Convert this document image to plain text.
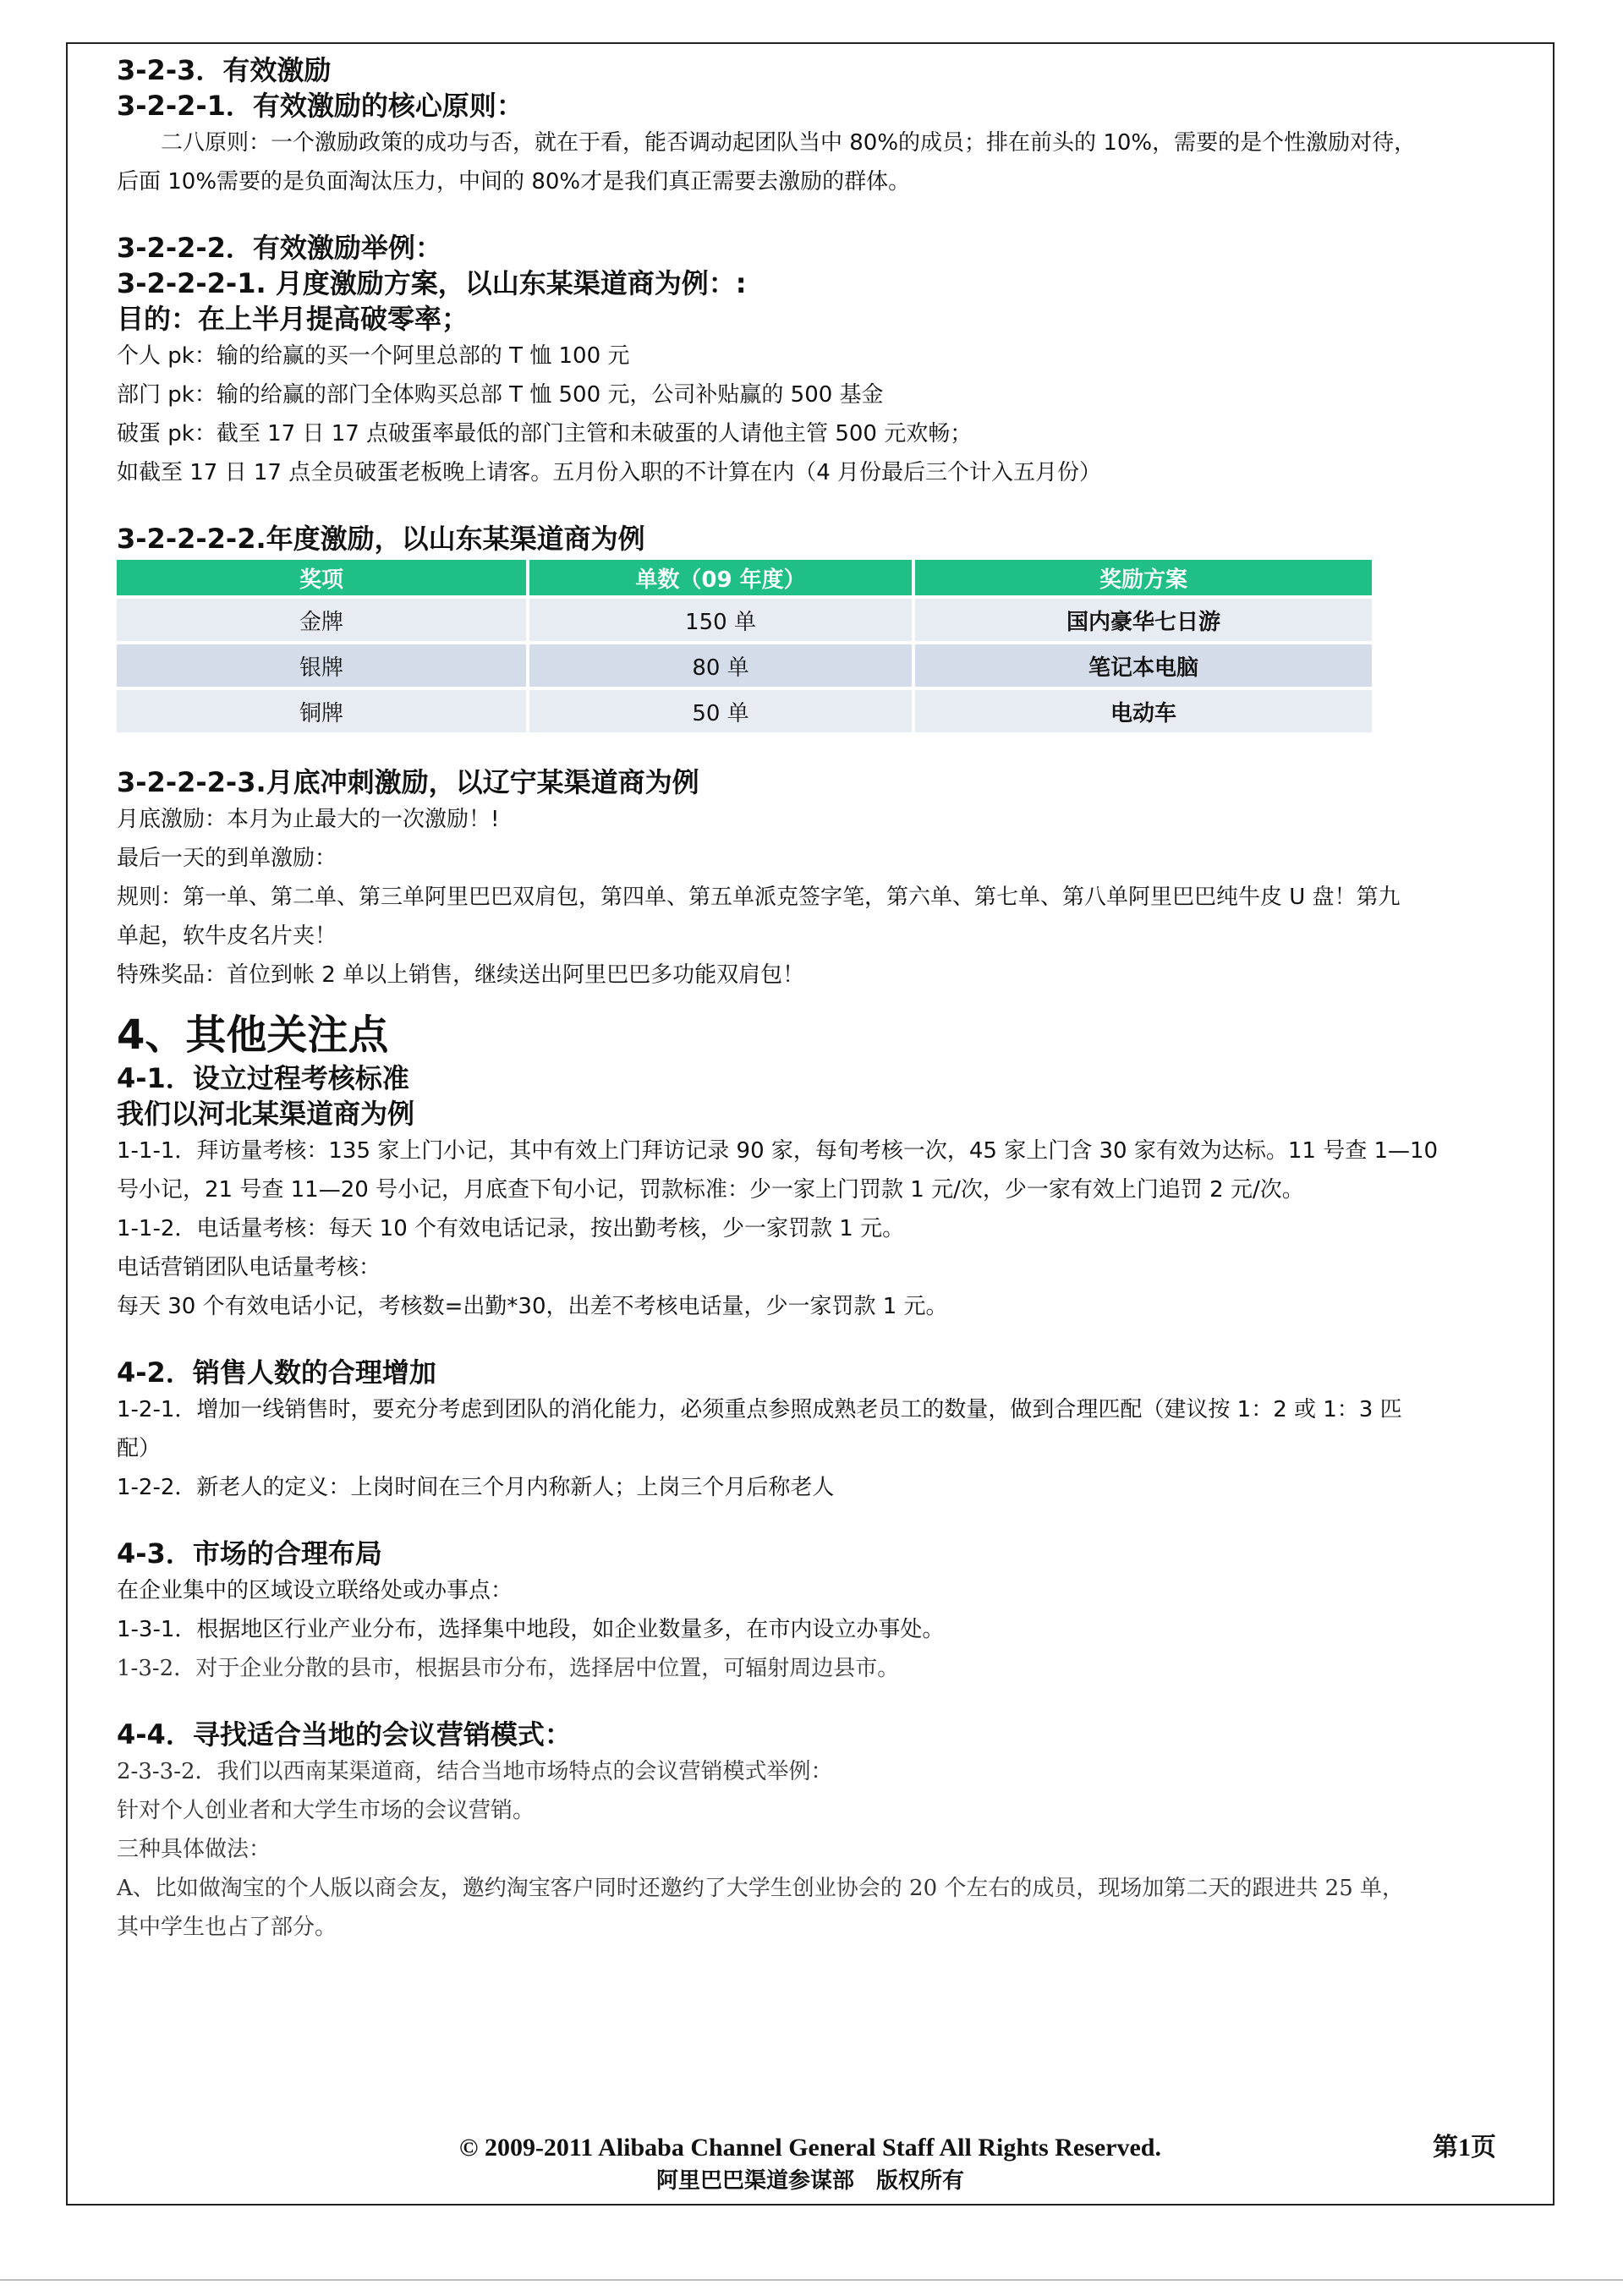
3-2-3．有效激励

3-2-2-1．有效激励的核心原则：

二八原则：一个激励政策的成功与否，就在于看，能否调动起团队当中 80%的成员；排在前头的 10%，需要的是个性激励对待，

后面 10%需要的是负面淘汰压力，中间的 80%才是我们真正需要去激励的群体。

3-2-2-2．有效激励举例：

3-2-2-2-1. 月度激励方案，以山东某渠道商为例：:

目的：在上半月提高破零率；

个人 pk：输的给赢的买一个阿里总部的 T 恤 100 元

部门 pk：输的给赢的部门全体购买总部 T 恤 500 元，公司补贴赢的 500 基金

破蛋 pk：截至 17 日 17 点破蛋率最低的部门主管和未破蛋的人请他主管 500 元欢畅；

如截至 17 日 17 点全员破蛋老板晚上请客。五月份入职的不计算在内（4 月份最后三个计入五月份）

3-2-2-2-2.年度激励，以山东某渠道商为例

奖项	单数（09 年度）	奖励方案
金牌	150 单	国内豪华七日游
银牌	80 单	笔记本电脑
铜牌	50 单	电动车

3-2-2-2-3.月底冲刺激励，以辽宁某渠道商为例

月底激励：本月为止最大的一次激励！!

最后一天的到单激励：

规则：第一单、第二单、第三单阿里巴巴双肩包，第四单、第五单派克签字笔，第六单、第七单、第八单阿里巴巴纯牛皮 U 盘！第九

单起，软牛皮名片夹！

特殊奖品：首位到帐 2 单以上销售，继续送出阿里巴巴多功能双肩包！

4、其他关注点

4-1．设立过程考核标准

我们以河北某渠道商为例

1-1-1．拜访量考核：135 家上门小记，其中有效上门拜访记录 90 家，每旬考核一次，45 家上门含 30 家有效为达标。11 号查 1—10

号小记，21 号查 11—20 号小记，月底查下旬小记，罚款标准：少一家上门罚款 1 元/次，少一家有效上门追罚 2 元/次。

1-1-2．电话量考核：每天 10 个有效电话记录，按出勤考核，少一家罚款 1 元。

电话营销团队电话量考核：

每天 30 个有效电话小记，考核数=出勤*30，出差不考核电话量，少一家罚款 1 元。

4-2．销售人数的合理增加

1-2-1．增加一线销售时，要充分考虑到团队的消化能力，必须重点参照成熟老员工的数量，做到合理匹配（建议按 1：2 或 1：3 匹

配）

1-2-2．新老人的定义：上岗时间在三个月内称新人；上岗三个月后称老人

4-3．市场的合理布局

在企业集中的区域设立联络处或办事点：

1-3-1．根据地区行业产业分布，选择集中地段，如企业数量多，在市内设立办事处。

1-3-2．对于企业分散的县市，根据县市分布，选择居中位置，可辐射周边县市。

4-4．寻找适合当地的会议营销模式：

2-3-3-2．我们以西南某渠道商，结合当地市场特点的会议营销模式举例：

针对个人创业者和大学生市场的会议营销。

三种具体做法：

A、比如做淘宝的个人版以商会友，邀约淘宝客户同时还邀约了大学生创业协会的 20 个左右的成员，现场加第二天的跟进共 25 单，

其中学生也占了部分。

© 2009-2011 Alibaba Channel General Staff All Rights Reserved.
阿里巴巴渠道参谋部　版权所有
第1页
